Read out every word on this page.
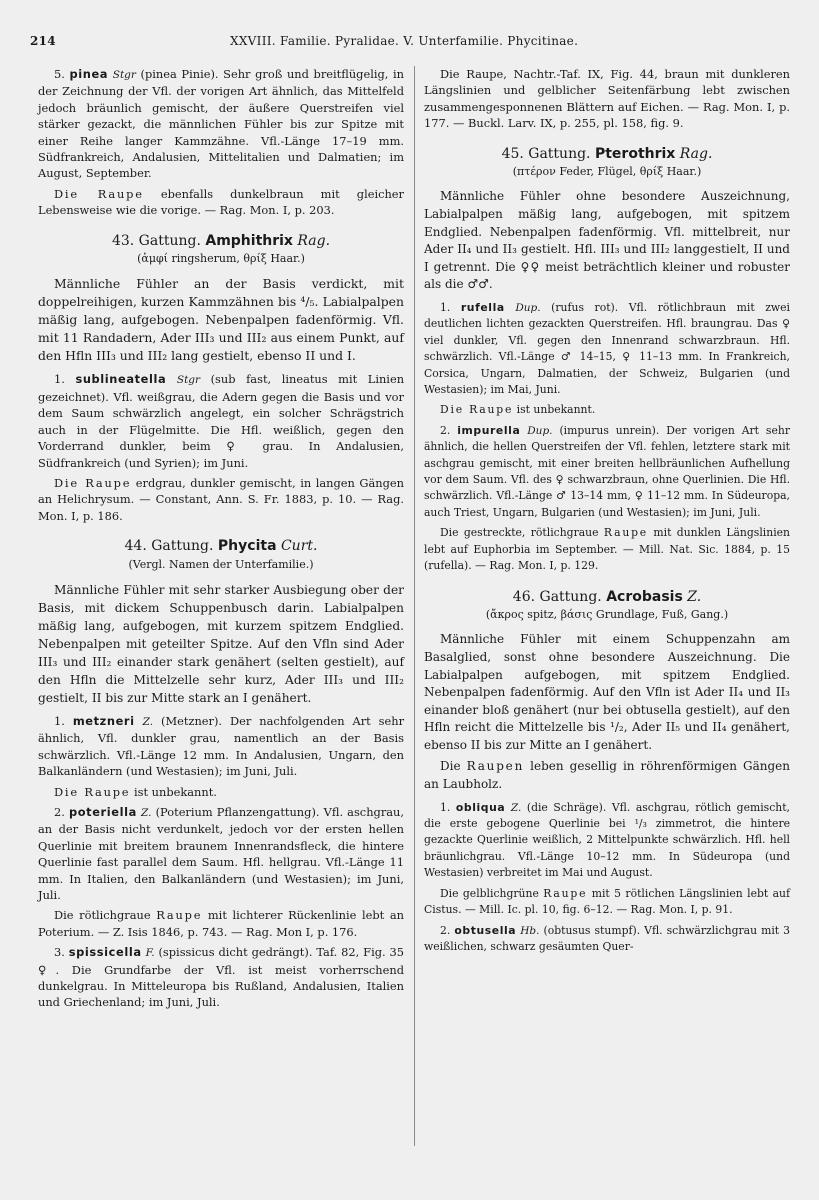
214	XXVIII. Familie. Pyralidae. V. Unterfamilie. Phycitinae.

5. pinea Stgr (pinea Pinie). Sehr groß und breitflügelig, in der Zeichnung der Vfl. der vorigen Art ähnlich, das Mittelfeld jedoch bräunlich gemischt, der äußere Querstreifen viel stärker gezackt, die männlichen Fühler bis zur Spitze mit einer Reihe langer Kammzähne. Vfl.-Länge 17–19 mm. Südfrankreich, Andalusien, Mittelitalien und Dalmatien; im August, September.

Die Raupe ebenfalls dunkelbraun mit gleicher Lebensweise wie die vorige. — Rag. Mon. I, p. 203.

43. Gattung. Amphithrix Rag.
(ἀμφί ringsherum, θρίξ Haar.)

Männliche Fühler an der Basis verdickt, mit doppelreihigen, kurzen Kammzähnen bis ⁴/₅. Labialpalpen mäßig lang, aufgebogen. Nebenpalpen fadenförmig. Vfl. mit 11 Randadern, Ader III₃ und III₂ aus einem Punkt, auf den Hfln III₃ und III₂ lang gestielt, ebenso II und I.

1. sublineatella Stgr (sub fast, lineatus mit Linien gezeichnet). Vfl. weißgrau, die Adern gegen die Basis und vor dem Saum schwärzlich angelegt, ein solcher Schrägstrich auch in der Flügelmitte. Die Hfl. weißlich, gegen den Vorderrand dunkler, beim ♀ grau. In Andalusien, Südfrankreich (und Syrien); im Juni.

Die Raupe erdgrau, dunkler gemischt, in langen Gängen an Helichrysum. — Constant, Ann. S. Fr. 1883, p. 10. — Rag. Mon. I, p. 186.

44. Gattung. Phycita Curt.
(Vergl. Namen der Unterfamilie.)

Männliche Fühler mit sehr starker Ausbiegung ober der Basis, mit dickem Schuppenbusch darin. Labialpalpen mäßig lang, aufgebogen, mit kurzem spitzem Endglied. Nebenpalpen mit geteilter Spitze. Auf den Vfln sind Ader III₃ und III₂ einander stark genähert (selten gestielt), auf den Hfln die Mittelzelle sehr kurz, Ader III₃ und III₂ gestielt, II bis zur Mitte stark an I genähert.

1. metzneri Z. (Metzner). Der nachfolgenden Art sehr ähnlich, Vfl. dunkler grau, namentlich an der Basis schwärzlich. Vfl.-Länge 12 mm. In Andalusien, Ungarn, den Balkanländern (und Westasien); im Juni, Juli.

Die Raupe ist unbekannt.

2. poteriella Z. (Poterium Pflanzengattung). Vfl. aschgrau, an der Basis nicht verdunkelt, jedoch vor der ersten hellen Querlinie mit breitem braunem Innenrandsfleck, die hintere Querlinie fast parallel dem Saum. Hfl. hellgrau. Vfl.-Länge 11 mm. In Italien, den Balkanländern (und Westasien); im Juni, Juli.

Die rötlichgraue Raupe mit lichterer Rückenlinie lebt an Poterium. — Z. Isis 1846, p. 743. — Rag. Mon I, p. 176.

3. spissicella F. (spissicus dicht gedrängt). Taf. 82, Fig. 35 ♀. Die Grundfarbe der Vfl. ist meist vorherrschend dunkelgrau. In Mitteleuropa bis Rußland, Andalusien, Italien und Griechenland; im Juni, Juli.

Die Raupe, Nachtr.-Taf. IX, Fig. 44, braun mit dunkleren Längslinien und gelblicher Seitenfärbung lebt zwischen zusammengesponnenen Blättern auf Eichen. — Rag. Mon. I, p. 177. — Buckl. Larv. IX, p. 255, pl. 158, fig. 9.

45. Gattung. Pterothrix Rag.
(πτέρον Feder, Flügel, θρίξ Haar.)

Männliche Fühler ohne besondere Auszeichnung, Labialpalpen mäßig lang, aufgebogen, mit spitzem Endglied. Nebenpalpen fadenförmig. Vfl. mittelbreit, nur Ader II₄ und II₃ gestielt. Hfl. III₃ und III₂ langgestielt, II und I getrennt. Die ♀♀ meist beträchtlich kleiner und robuster als die ♂♂.

1. rufella Dup. (rufus rot). Vfl. rötlichbraun mit zwei deutlichen lichten gezackten Querstreifen. Hfl. braungrau. Das ♀ viel dunkler, Vfl. gegen den Innenrand schwarzbraun. Hfl. schwärzlich. Vfl.-Länge ♂ 14–15, ♀ 11–13 mm. In Frankreich, Corsica, Ungarn, Dalmatien, der Schweiz, Bulgarien (und Westasien); im Mai, Juni.

Die Raupe ist unbekannt.

2. impurella Dup. (impurus unrein). Der vorigen Art sehr ähnlich, die hellen Querstreifen der Vfl. fehlen, letztere stark mit aschgrau gemischt, mit einer breiten hellbräunlichen Aufhellung vor dem Saum. Vfl. des ♀ schwarzbraun, ohne Querlinien. Die Hfl. schwärzlich. Vfl.-Länge ♂ 13–14 mm, ♀ 11–12 mm. In Südeuropa, auch Triest, Ungarn, Bulgarien (und Westasien); im Juni, Juli.

Die gestreckte, rötlichgraue Raupe mit dunklen Längslinien lebt auf Euphorbia im September. — Mill. Nat. Sic. 1884, p. 15 (rufella). — Rag. Mon. I, p. 129.

46. Gattung. Acrobasis Z.
(ἄκρος spitz, βάσις Grundlage, Fuß, Gang.)

Männliche Fühler mit einem Schuppenzahn am Basalglied, sonst ohne besondere Auszeichnung. Die Labialpalpen aufgebogen, mit spitzem Endglied. Nebenpalpen fadenförmig. Auf den Vfln ist Ader II₄ und II₃ einander bloß genähert (nur bei obtusella gestielt), auf den Hfln reicht die Mittelzelle bis ¹/₂, Ader II₅ und II₄ genähert, ebenso II bis zur Mitte an I genähert.

Die Raupen leben gesellig in röhrenförmigen Gängen an Laubholz.

1. obliqua Z. (die Schräge). Vfl. aschgrau, rötlich gemischt, die erste gebogene Querlinie bei ¹/₃ zimmetrot, die hintere gezackte Querlinie weißlich, 2 Mittelpunkte schwärzlich. Hfl. hell bräunlichgrau. Vfl.-Länge 10–12 mm. In Südeuropa (und Westasien) verbreitet im Mai und August.

Die gelblichgrüne Raupe mit 5 rötlichen Längslinien lebt auf Cistus. — Mill. Ic. pl. 10, fig. 6–12. — Rag. Mon. I, p. 91.

2. obtusella Hb. (obtusus stumpf). Vfl. schwärzlichgrau mit 3 weißlichen, schwarz gesäumten Quer-
